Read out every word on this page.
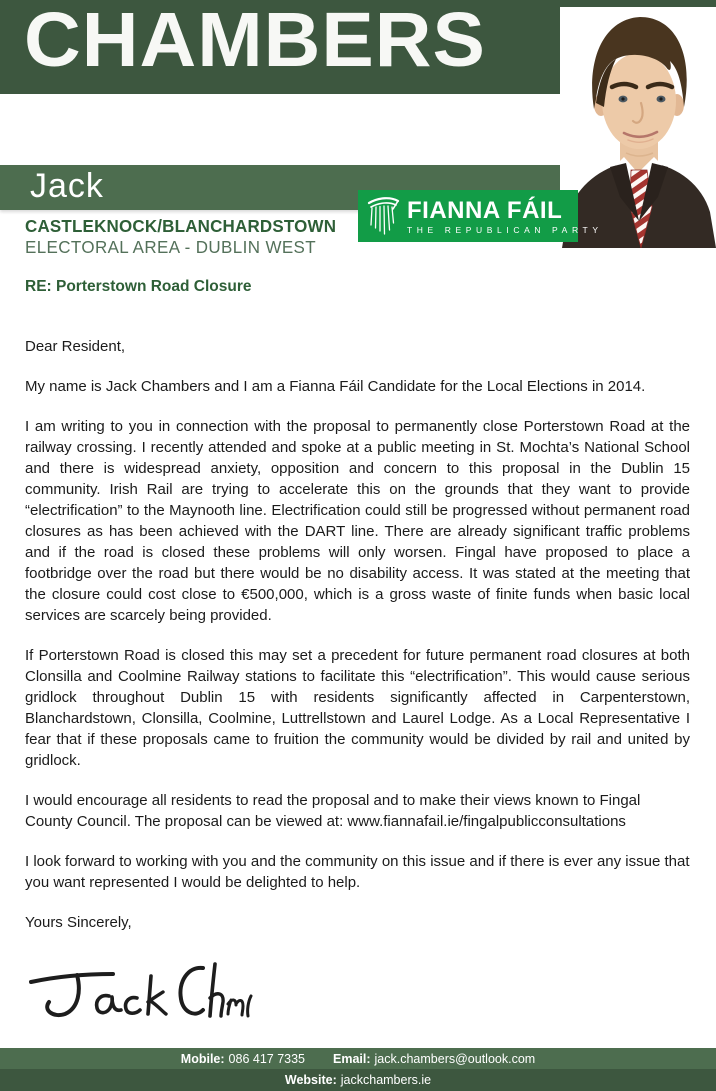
CHAMBERS
Jack
CASTLEKNOCK/BLANCHARDSTOWN
ELECTORAL AREA - DUBLIN WEST
FIANNA FÁIL
THE REPUBLICAN PARTY
RE: Porterstown Road Closure

Dear Resident,

My name is Jack Chambers and I am a Fianna Fáil Candidate for the Local Elections in 2014.

I am writing to you in connection with the proposal to permanently close Porterstown Road at the railway crossing. I recently attended and spoke at a public meeting in St. Mochta’s National School and there is widespread anxiety, opposition and concern to this proposal in the Dublin 15 community. Irish Rail are trying to accelerate this on the grounds that they want to provide “electrification” to the Maynooth line. Electrification could still be progressed without permanent road closures as has been achieved with the DART line. There are already significant traffic problems and if the road is closed these problems will only worsen. Fingal have proposed to place a footbridge over the road but there would be no disability access. It was stated at the meeting that the closure could cost close to €500,000, which is a gross waste of finite funds when basic local services are scarcely being provided.

If Porterstown Road is closed this may set a precedent for future permanent road closures at both Clonsilla and Coolmine Railway stations to facilitate this “electrification”. This would cause serious gridlock throughout Dublin 15 with residents significantly affected in Carpenterstown, Blanchardstown, Clonsilla, Coolmine, Luttrellstown and Laurel Lodge. As a Local Representative I fear that if these proposals came to fruition the community would be divided by rail and united by gridlock.

I would encourage all residents to read the proposal and to make their views known to Fingal County Council. The proposal can be viewed at: www.fiannafail.ie/fingalpublicconsultations

I look forward to working with you and the community on this issue and if there is ever any issue that you want represented I would be delighted to help.

Yours Sincerely,

Mobile: 086 417 7335 Email: jack.chambers@outlook.com
Website: jackchambers.ie
